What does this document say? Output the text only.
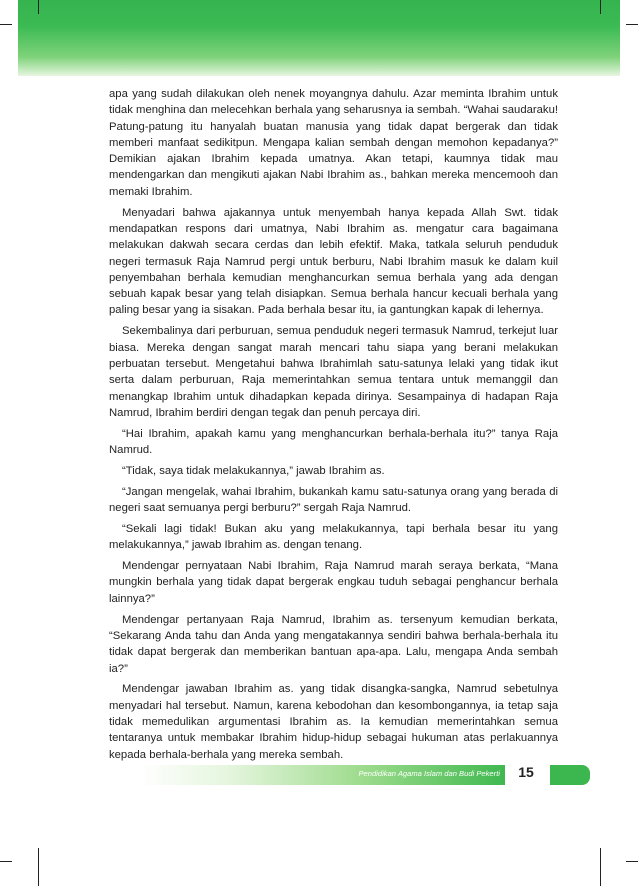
apa yang sudah dilakukan oleh nenek moyangnya dahulu. Azar meminta Ibrahim untuk tidak menghina dan melecehkan berhala yang seharusnya ia sembah. “Wahai saudaraku! Patung-patung itu hanyalah buatan manusia yang tidak dapat bergerak dan tidak memberi manfaat sedikitpun. Mengapa kalian sembah dengan memohon kepadanya?” Demikian ajakan Ibrahim kepada umatnya. Akan tetapi, kaumnya tidak mau mendengarkan dan mengikuti ajakan Nabi Ibrahim as., bahkan mereka mencemooh dan memaki Ibrahim.

Menyadari bahwa ajakannya untuk menyembah hanya kepada Allah Swt. tidak mendapatkan respons dari umatnya, Nabi Ibrahim as. mengatur cara bagaimana melakukan dakwah secara cerdas dan lebih efektif. Maka, tatkala seluruh penduduk negeri termasuk Raja Namrud pergi untuk berburu, Nabi Ibrahim masuk ke dalam kuil penyembahan berhala kemudian menghancurkan semua berhala yang ada dengan sebuah kapak besar yang telah disiapkan. Semua berhala hancur kecuali berhala yang paling besar yang ia sisakan. Pada berhala besar itu, ia gantungkan kapak di lehernya.

Sekembalinya dari perburuan, semua penduduk negeri termasuk Namrud, terkejut luar biasa. Mereka dengan sangat marah mencari tahu siapa yang berani melakukan perbuatan tersebut. Mengetahui bahwa Ibrahimlah satu-satunya lelaki yang tidak ikut serta dalam perburuan, Raja memerintahkan semua tentara untuk memanggil dan menangkap Ibrahim untuk dihadapkan kepada dirinya. Sesampainya di hadapan Raja Namrud, Ibrahim berdiri dengan tegak dan penuh percaya diri.

“Hai Ibrahim, apakah kamu yang menghancurkan berhala-berhala itu?” tanya Raja Namrud.

“Tidak, saya tidak melakukannya,” jawab Ibrahim as.

“Jangan mengelak, wahai Ibrahim, bukankah kamu satu-satunya orang yang berada di negeri saat semuanya pergi berburu?” sergah Raja Namrud.

“Sekali lagi tidak! Bukan aku yang melakukannya, tapi berhala besar itu yang melakukannya,” jawab Ibrahim as. dengan tenang.

Mendengar pernyataan Nabi Ibrahim, Raja Namrud marah seraya berkata, “Mana mungkin berhala yang tidak dapat bergerak engkau tuduh sebagai penghancur berhala lainnya?”

Mendengar pertanyaan Raja Namrud, Ibrahim as. tersenyum kemudian berkata, “Sekarang Anda tahu dan Anda yang mengatakannya sendiri bahwa berhala-berhala itu tidak dapat bergerak dan memberikan bantuan apa-apa. Lalu, mengapa Anda sembah ia?”

Mendengar jawaban Ibrahim as. yang tidak disangka-sangka, Namrud sebetulnya menyadari hal tersebut. Namun, karena kebodohan dan kesombongannya, ia tetap saja tidak memedulikan argumentasi Ibrahim as. Ia kemudian memerintahkan semua tentaranya untuk membakar Ibrahim hidup-hidup sebagai hukuman atas perlakuannya kepada berhala-berhala yang mereka sembah.

Pendidikan Agama Islam dan Budi Pekerti	15
